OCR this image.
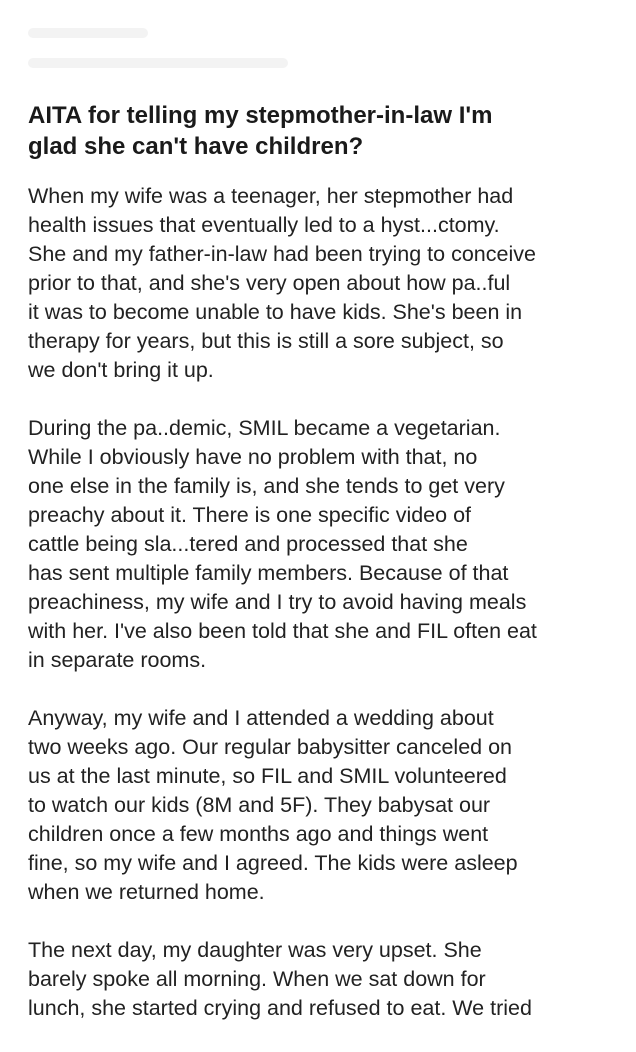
AITA for telling my stepmother-in-law I'm
glad she can't have children?

When my wife was a teenager, her stepmother had
health issues that eventually led to a hyst...ctomy.
She and my father-in-law had been trying to conceive
prior to that, and she's very open about how pa..ful
it was to become unable to have kids. She's been in
therapy for years, but this is still a sore subject, so
we don't bring it up.

During the pa..demic, SMIL became a vegetarian.
While I obviously have no problem with that, no
one else in the family is, and she tends to get very
preachy about it. There is one specific video of
cattle being sla...tered and processed that she
has sent multiple family members. Because of that
preachiness, my wife and I try to avoid having meals
with her. I've also been told that she and FIL often eat
in separate rooms.

Anyway, my wife and I attended a wedding about
two weeks ago. Our regular babysitter canceled on
us at the last minute, so FIL and SMIL volunteered
to watch our kids (8M and 5F). They babysat our
children once a few months ago and things went
fine, so my wife and I agreed. The kids were asleep
when we returned home.

The next day, my daughter was very upset. She
barely spoke all morning. When we sat down for
lunch, she started crying and refused to eat. We tried
